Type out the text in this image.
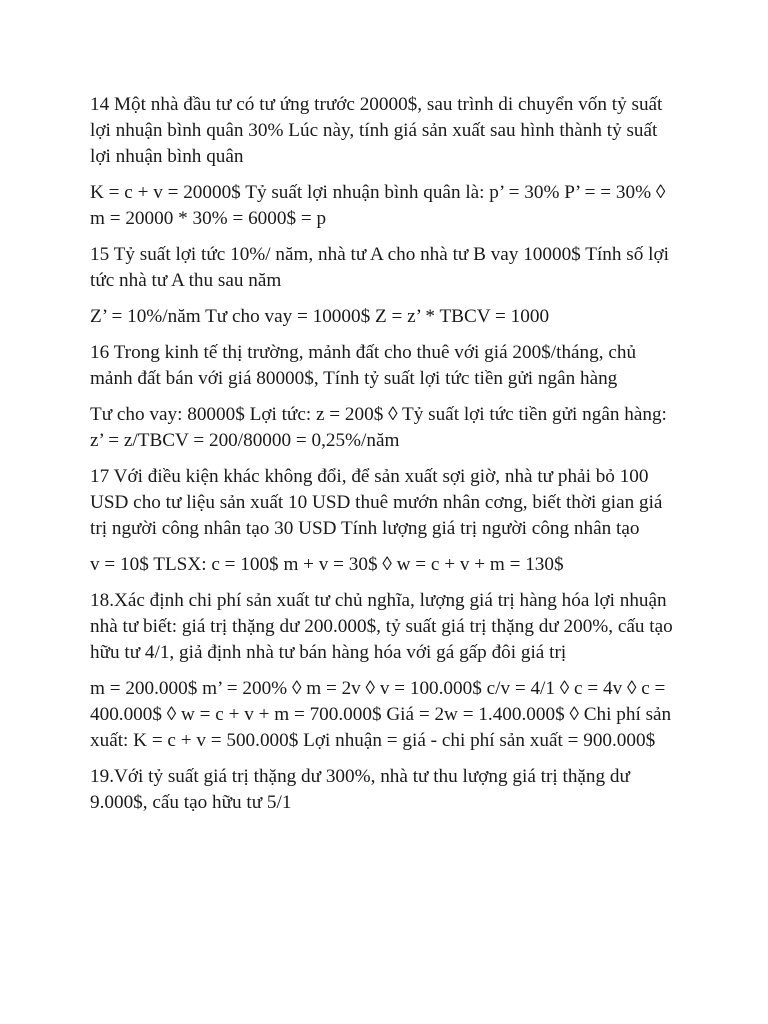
14 Một nhà đầu tư có tư ứng trước 20000$, sau trình di chuyển vốn tỷ suất lợi nhuận bình quân 30% Lúc này, tính giá sản xuất sau hình thành tỷ suất lợi nhuận bình quân

K = c + v = 20000$ Tỷ suất lợi nhuận bình quân là: p’ = 30% P’ = = 30% ◊ m = 20000 * 30% = 6000$ = p

15 Tỷ suất lợi tức 10%/ năm, nhà tư A cho nhà tư B vay 10000$ Tính số lợi tức nhà tư A thu sau năm

Z’ = 10%/năm Tư cho vay = 10000$ Z = z’ * TBCV = 1000

16 Trong kinh tế thị trường, mảnh đất cho thuê với giá 200$/tháng, chủ mảnh đất bán với giá 80000$, Tính tỷ suất lợi tức tiền gửi ngân hàng

Tư cho vay: 80000$ Lợi tức: z = 200$ ◊ Tỷ suất lợi tức tiền gửi ngân hàng: z’ = z/TBCV = 200/80000 = 0,25%/năm

17 Với điều kiện khác không đổi, để sản xuất sợi giờ, nhà tư phải bỏ 100 USD cho tư liệu sản xuất 10 USD thuê mướn nhân cơng, biết thời gian giá trị người công nhân tạo 30 USD Tính lượng giá trị người công nhân tạo

v = 10$ TLSX: c = 100$ m + v = 30$ ◊ w = c + v + m = 130$

18.Xác định chi phí sản xuất tư chủ nghĩa, lượng giá trị hàng hóa lợi nhuận nhà tư biết: giá trị thặng dư 200.000$, tỷ suất giá trị thặng dư 200%, cấu tạo hữu tư 4/1, giả định nhà tư bán hàng hóa với gá gấp đôi giá trị

m = 200.000$ m’ = 200% ◊ m = 2v ◊ v = 100.000$ c/v = 4/1 ◊ c = 4v ◊ c = 400.000$ ◊ w = c + v + m = 700.000$ Giá = 2w = 1.400.000$ ◊ Chi phí sản xuất: K = c + v = 500.000$ Lợi nhuận = giá - chi phí sản xuất = 900.000$

19.Với tỷ suất giá trị thặng dư 300%, nhà tư thu lượng giá trị thặng dư 9.000$, cấu tạo hữu tư 5/1
